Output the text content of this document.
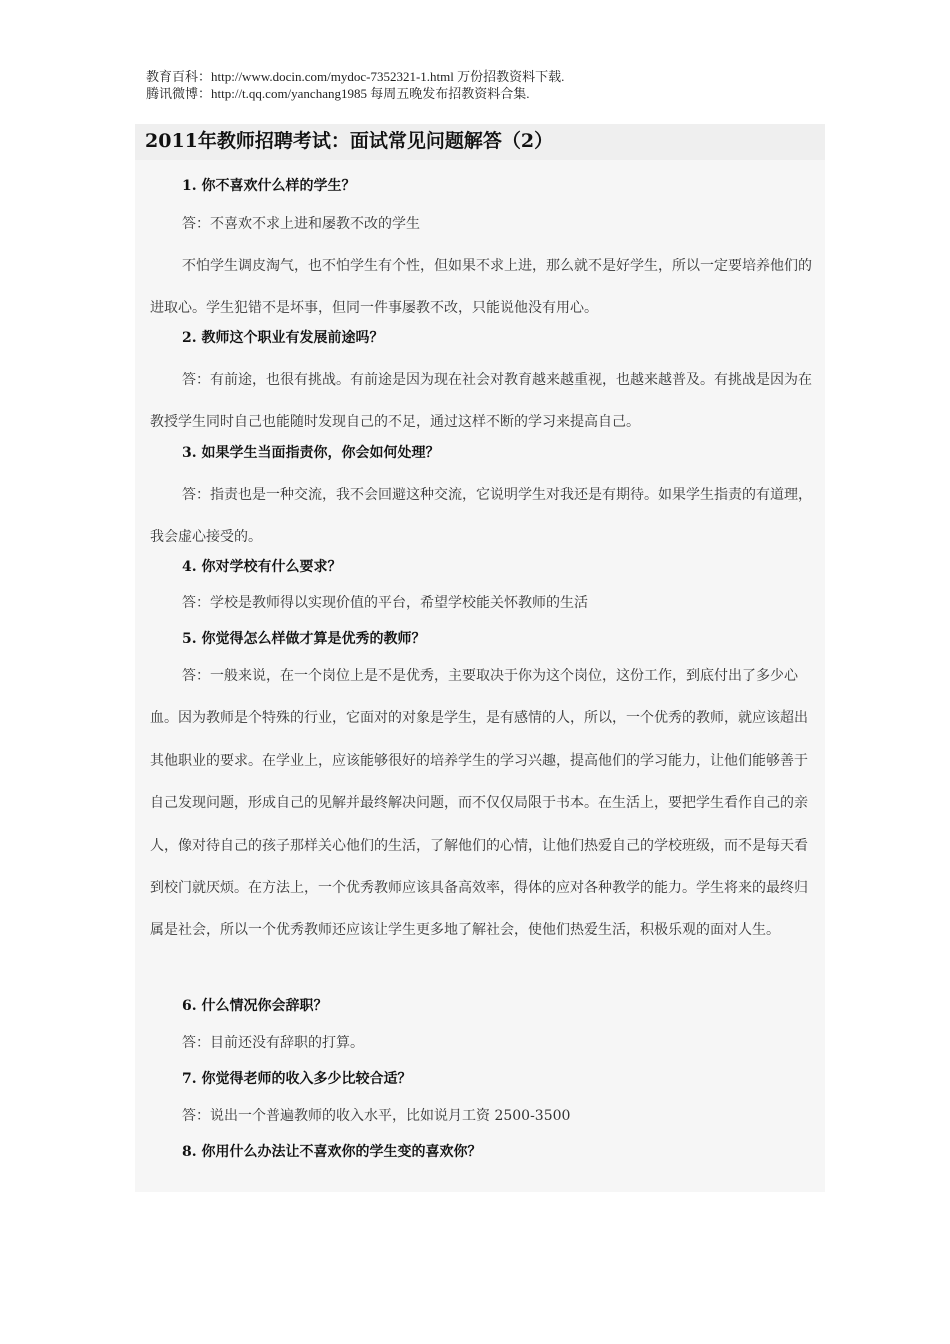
教育百科：http://www.docin.com/mydoc-7352321-1.html 万份招教资料下载.
腾讯微博：http://t.qq.com/yanchang1985 每周五晚发布招教资料合集.
2011年教师招聘考试：面试常见问题解答（2）
1. 你不喜欢什么样的学生？
答：不喜欢不求上进和屡教不改的学生
不怕学生调皮淘气，也不怕学生有个性，但如果不求上进，那么就不是好学生，所以一定要培养他们的进取心。学生犯错不是坏事，但同一件事屡教不改，只能说他没有用心。
2. 教师这个职业有发展前途吗？
答：有前途，也很有挑战。有前途是因为现在社会对教育越来越重视，也越来越普及。有挑战是因为在教授学生同时自己也能随时发现自己的不足，通过这样不断的学习来提高自己。
3. 如果学生当面指责你，你会如何处理？
答：指责也是一种交流，我不会回避这种交流，它说明学生对我还是有期待。如果学生指责的有道理，我会虚心接受的。
4. 你对学校有什么要求？
答：学校是教师得以实现价值的平台，希望学校能关怀教师的生活
5. 你觉得怎么样做才算是优秀的教师？
答：一般来说，在一个岗位上是不是优秀，主要取决于你为这个岗位，这份工作，到底付出了多少心血。因为教师是个特殊的行业，它面对的对象是学生，是有感情的人，所以，一个优秀的教师，就应该超出其他职业的要求。在学业上，应该能够很好的培养学生的学习兴趣，提高他们的学习能力，让他们能够善于自己发现问题，形成自己的见解并最终解决问题，而不仅仅局限于书本。在生活上，要把学生看作自己的亲人，像对待自己的孩子那样关心他们的生活，了解他们的心情，让他们热爱自己的学校班级，而不是每天看到校门就厌烦。在方法上，一个优秀教师应该具备高效率，得体的应对各种教学的能力。学生将来的最终归属是社会，所以一个优秀教师还应该让学生更多地了解社会，使他们热爱生活，积极乐观的面对人生。
6. 什么情况你会辞职？
答：目前还没有辞职的打算。
7. 你觉得老师的收入多少比较合适？
答：说出一个普遍教师的收入水平，比如说月工资 2500-3500
8. 你用什么办法让不喜欢你的学生变的喜欢你？
